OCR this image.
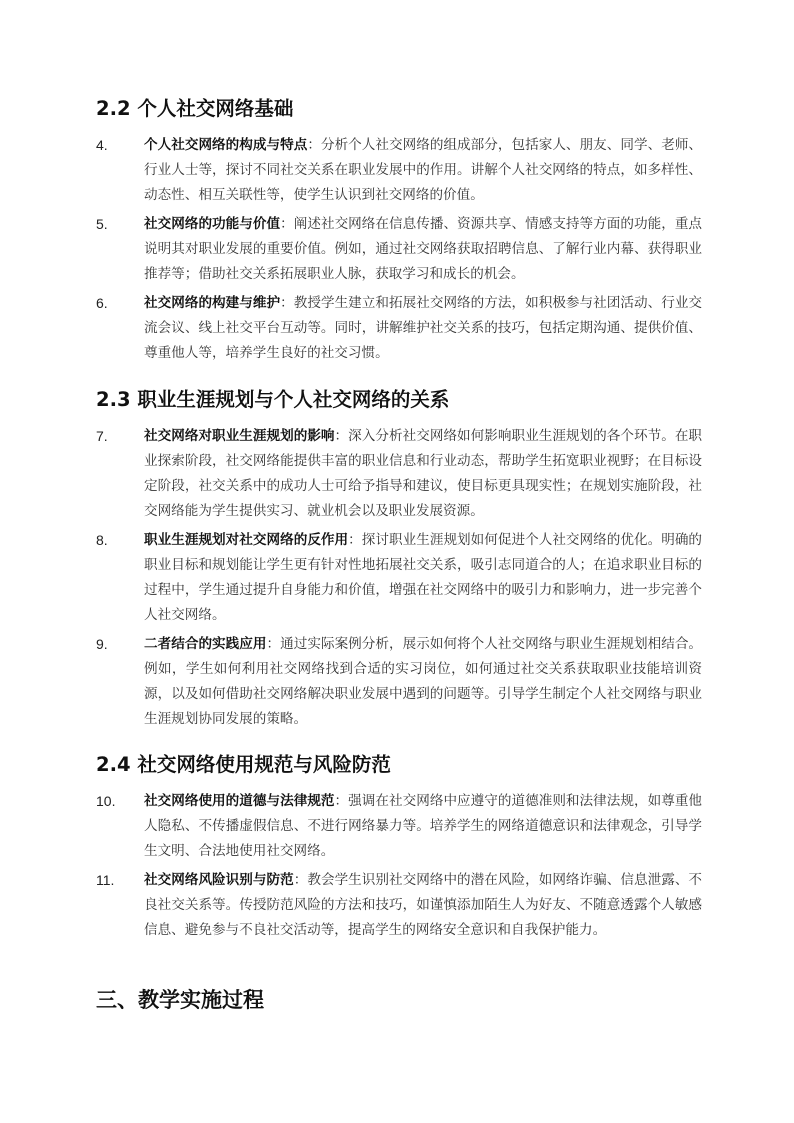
2.2 个人社交网络基础
4.	个人社交网络的构成与特点：分析个人社交网络的组成部分，包括家人、朋友、同学、老师、行业人士等，探讨不同社交关系在职业发展中的作用。讲解个人社交网络的特点，如多样性、动态性、相互关联性等，使学生认识到社交网络的价值。
5.	社交网络的功能与价值：阐述社交网络在信息传播、资源共享、情感支持等方面的功能，重点说明其对职业发展的重要价值。例如，通过社交网络获取招聘信息、了解行业内幕、获得职业推荐等；借助社交关系拓展职业人脉，获取学习和成长的机会。
6.	社交网络的构建与维护：教授学生建立和拓展社交网络的方法，如积极参与社团活动、行业交流会议、线上社交平台互动等。同时，讲解维护社交关系的技巧，包括定期沟通、提供价值、尊重他人等，培养学生良好的社交习惯。
2.3 职业生涯规划与个人社交网络的关系
7.	社交网络对职业生涯规划的影响：深入分析社交网络如何影响职业生涯规划的各个环节。在职业探索阶段，社交网络能提供丰富的职业信息和行业动态，帮助学生拓宽职业视野；在目标设定阶段，社交关系中的成功人士可给予指导和建议，使目标更具现实性；在规划实施阶段，社交网络能为学生提供实习、就业机会以及职业发展资源。
8.	职业生涯规划对社交网络的反作用：探讨职业生涯规划如何促进个人社交网络的优化。明确的职业目标和规划能让学生更有针对性地拓展社交关系，吸引志同道合的人；在追求职业目标的过程中，学生通过提升自身能力和价值，增强在社交网络中的吸引力和影响力，进一步完善个人社交网络。
9.	二者结合的实践应用：通过实际案例分析，展示如何将个人社交网络与职业生涯规划相结合。例如，学生如何利用社交网络找到合适的实习岗位，如何通过社交关系获取职业技能培训资源，以及如何借助社交网络解决职业发展中遇到的问题等。引导学生制定个人社交网络与职业生涯规划协同发展的策略。
2.4 社交网络使用规范与风险防范
10. 社交网络使用的道德与法律规范：强调在社交网络中应遵守的道德准则和法律法规，如尊重他人隐私、不传播虚假信息、不进行网络暴力等。培养学生的网络道德意识和法律观念，引导学生文明、合法地使用社交网络。
11. 社交网络风险识别与防范：教会学生识别社交网络中的潜在风险，如网络诈骗、信息泄露、不良社交关系等。传授防范风险的方法和技巧，如谨慎添加陌生人为好友、不随意透露个人敏感信息、避免参与不良社交活动等，提高学生的网络安全意识和自我保护能力。
三、教学实施过程
